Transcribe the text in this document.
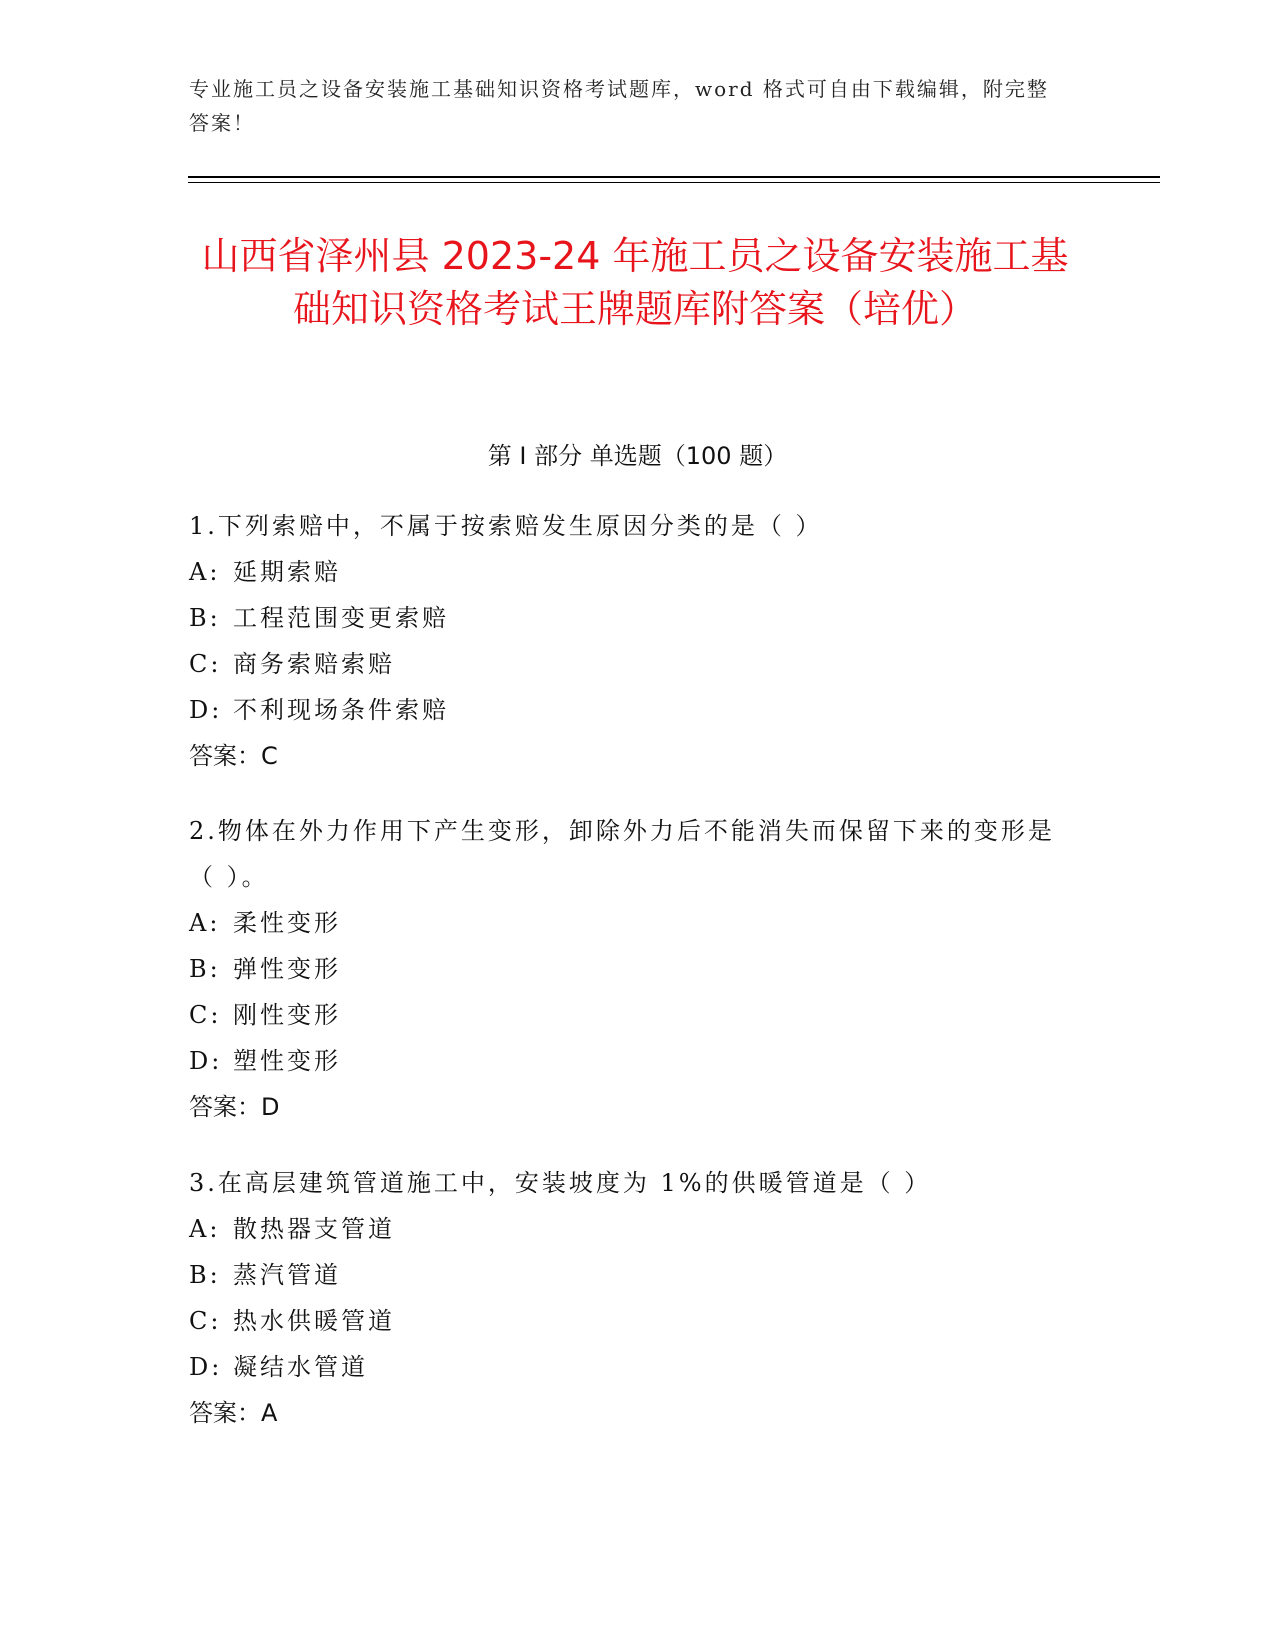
专业施工员之设备安装施工基础知识资格考试题库，word 格式可自由下载编辑，附完整答案！
山西省泽州县 2023-24 年施工员之设备安装施工基础知识资格考试王牌题库附答案（培优）
第 I 部分 单选题（100 题）

1.下列索赔中，不属于按索赔发生原因分类的是（ ）

A: 延期索赔

B: 工程范围变更索赔

C: 商务索赔索赔

D: 不利现场条件索赔

答案：C

2.物体在外力作用下产生变形，卸除外力后不能消失而保留下来的变形是（ ）。

A: 柔性变形

B: 弹性变形

C: 刚性变形

D: 塑性变形

答案：D

3.在高层建筑管道施工中，安装坡度为 1%的供暖管道是（ ）

A: 散热器支管道

B: 蒸汽管道

C: 热水供暖管道

D: 凝结水管道

答案：A
